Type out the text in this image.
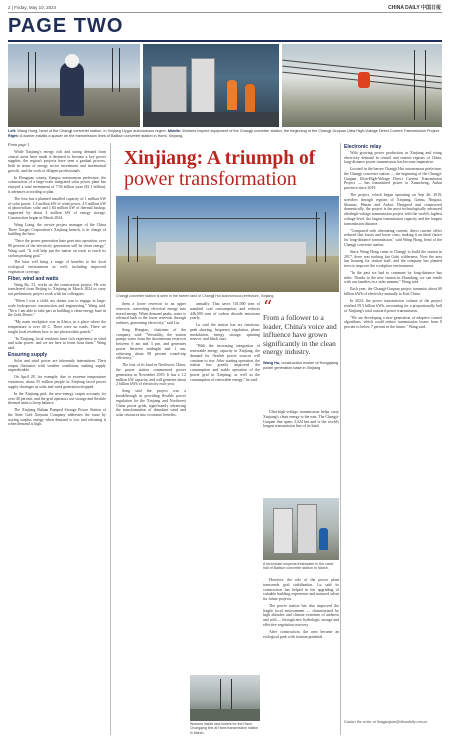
2 | Friday, May 10, 2024	CHINA DAILY 中国日报
PAGE TWO
Left: Wang Hong, head of the Changji converter station, in Xinjiang Uygur autonomous region. Middle: Workers inspect equipment of the Changji converter station, the beginning of the Changji-Guquan Ultra High-Voltage Direct Current Transmission Project. Right: A worker installs a spacer on the transmission lines of Balikun converter station in Hami, Xinjiang.
From page 1

While Xinjiang's energy rich and strong demand from central areas have made it destined to become a key power supplier, the region's projects have seen a gradual process, both in terms of energy sector investment and incremental growth, and the work of diligent professionals.

In Hongqiao county, Jiangsu autonomous prefecture, the construction of a large-scale integrated solar power plant has enjoyed a total investment of 7.94 billion yuan ($1.1 billion), it advances according to plan.

The four has a planned installed capacity of 1 million kW of solar power, 1.3 million kW of wind power, 4.5 million kW of photovoltaic solar and 1.84 million kW of thermal backup, supported by about 4 million kW of energy storage. Construction began in March 2024.

Wang Liang, the on-site project manager of the China Three Gorges Corporation's Xinjiang branch, is in charge of building the base.

"Once the power generation base goes into operation, over 80 percent of the electricity generation will be clean energy," Wang said. "It will help put the nation on track to reach its carbon peaking goal."

The base will bring a range of benefits to the local ecological environment as well, including improved vegetation coverage.

Fiber, wind and watts

Wang Bo, 51, works on the construction project. He was transferred from Beijing to Xinjiang in March 2024 to carry out preliminary project work with his colleagues.

"When I was a child, my dream was to engage in large-scale hydropower construction and engineering," Wang said. "Now I am able to take part in building a clean-energy base in the Gobi Desert."

"My main workplace was in Africa, in a place where the temperature is over 40 C. There were no roads. There we taught local residents how to use photovoltaic panels."

"In Xinjiang, local residents have rich experience in wind and solar power, and we are here to learn from them," Wang said.

Ensuring supply

Solar and wind power are inherently intermittent. Their output fluctuates with weather conditions, making supply unpredictable.

On April 28, for example, due to extreme temperature variations, about 55 million people in Xinjiang faced power supply shortages as solar and wind generation dropped.

In the Xinjiang grid, the new-energy output accounts for over 40 percent, and the grid operators use storage and flexible thermal units to keep balance.

The Xinjiang Baluan Pumped Storage Power Station of the State Grid Xinyuan Company addresses the issue by storing surplus energy when demand is low and releasing it when demand is high.

Xinjiang: A triumph of
power transformation
Changji converter station is seen in the barren land of Changji Hui autonomous prefecture, Xinjiang.

them a lower reservoir to an upper reservoir, converting electrical energy into stored energy. When demand peaks, water is released back to the lower reservoir through turbines, generating electricity," said Liu.

Song Hongtao, chairman of the company, said: "Versatility, the station pumps water from the downstream reservoir between 6 am and 3 pm, and generates power between midnight and 1 am, achieving about 90 percent round-trip efficiency."

The first of its kind in Northwest China, the power station commenced power generation in November 2019. It has a 1.2 million kW capacity, and will generate about 2 billion kWh of electricity each year.

Song said the project was a breakthrough in providing flexible power regulation for the Xinjiang and Northwest China power grids, significantly advancing the transformation of abundant wind and solar resources into economic benefits.

annually. That saves 101,000 tons of standard coal consumption, and reduces 446,000 tons of carbon dioxide emissions yearly.

Lu said the station has six functions: peak shaving, frequency regulation, phase modulation, energy storage, spinning reserve, and black start.

"With the increasing integration of renewable energy capacity in Xinjiang, the demand for flexible power sources will continue to rise. After starting operation, the station has greatly improved the consumption and stable operation of the power grid in Xinjiang, as well as the consumption of renewable energy," he said.

“
From a follower to a leader, China's voice and influence have grown significantly in the clean energy industry.
Wang Hu, construction worker of Hongqiang power generation base in Xinjiang

Ultra-high-voltage transmission helps carry Xinjiang's clean energy to the east. The Changji-Guquan line spans 3,324 km and is the world's longest transmission line of its kind.

A technician inspects freshwater in the valve hall of Balikun converter station in March.

However, the role of the power plant transcends grid stabilization. Lu said its construction has helped in the upgrading of valuable building experience and nurtured talent for future projects.

The power station has also improved the fragile local environment — characterized by high altitudes and climate extremes of aridness and cold — through new hydrologic storage and effective vegetation recovery.

After construction, the area became an ecological park with tourism potential.

Workers install new towers for the Hami-Chongqing line at Hami transmission station in March.
Electronic relay

With growing power production in Xinjiang and rising electricity demand in central and eastern regions of China, long-distance power transmission has become imperative.

Located in the barren Changji Hui autonomous prefecture, the Changji converter station — the beginning of the Changji-Guquan Ultra-High-Voltage Direct Current Transmission Project — has transmitted power to Xuancheng, Anhui province since 2019.

The project, which began operating on Sep 26, 2019, stretches through regions of Xinjiang, Gansu, Ningxia, Shaanxi, Henan and Anhui. Designed and constructed domestically, the project is the most technologically advanced ultrahigh-voltage transmission project with the world's highest voltage level, the largest transmission capacity and the longest transmission distance.

"Compared with alternating current, direct current offers reduced line losses and lower costs, making it an ideal choice for long-distance transmission," said Wang Hong, head of the Changji converter station.

Since Wang Hong came to Changji to build the station in 2017, there was nothing but Gobi wilderness. Now the area has housing for station staff, and the company has planted trees to improve the workplace environment.

"In the past we had to commute by long-distance bus rides. Thanks to the new station in Zhundong, we can reside with our families in a safer manner," Wang said.

Each year, the Changji-Guquan project transmits about 60 billion kWh of electricity annually to East China.

In 2024, the power transmission volume of the project reached 59.3 billion kWh, accounting for a proportionally half of Xinjiang's total outward power transmission.

"We are developing a new generation of adaptive control algorithms, which could reduce transmission losses from 8 percent to below 7 percent in the future," Wang said.

Contact the writer at liangjunjuan@chinadaily.com.cn
